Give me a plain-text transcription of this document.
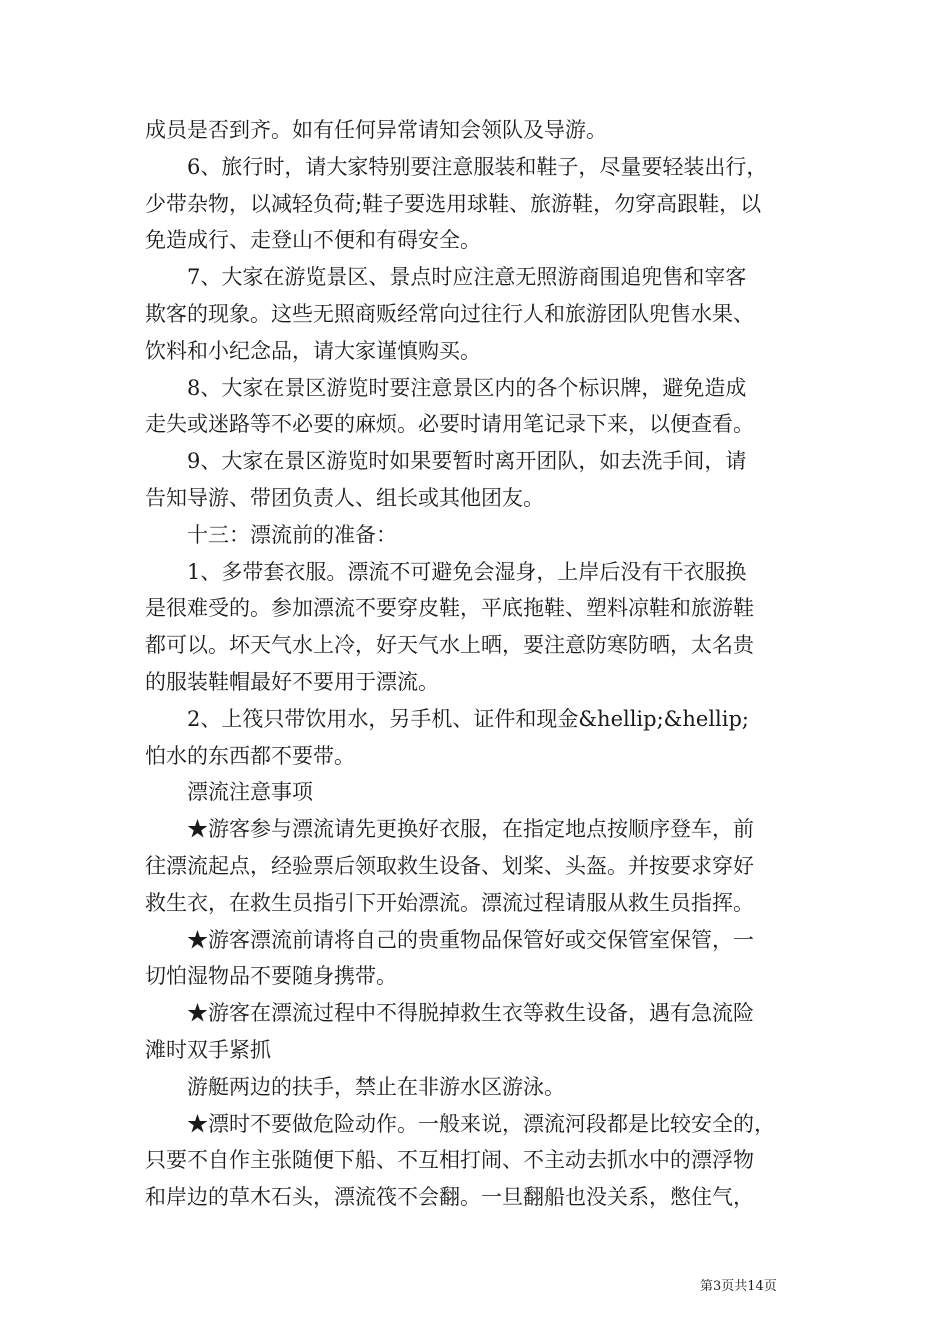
成员是否到齐。如有任何异常请知会领队及导游。
　　6、旅行时，请大家特别要注意服装和鞋子，尽量要轻装出行，
少带杂物，以减轻负荷;鞋子要选用球鞋、旅游鞋，勿穿高跟鞋，以
免造成行、走登山不便和有碍安全。
　　7、大家在游览景区、景点时应注意无照游商围追兜售和宰客
欺客的现象。这些无照商贩经常向过往行人和旅游团队兜售水果、
饮料和小纪念品，请大家谨慎购买。
　　8、大家在景区游览时要注意景区内的各个标识牌，避免造成
走失或迷路等不必要的麻烦。必要时请用笔记录下来，以便查看。
　　9、大家在景区游览时如果要暂时离开团队，如去洗手间，请
告知导游、带团负责人、组长或其他团友。
　　十三：漂流前的准备：
　　1、多带套衣服。漂流不可避免会湿身，上岸后没有干衣服换
是很难受的。参加漂流不要穿皮鞋，平底拖鞋、塑料凉鞋和旅游鞋
都可以。坏天气水上冷，好天气水上晒，要注意防寒防晒，太名贵
的服装鞋帽最好不要用于漂流。
　　2、上筏只带饮用水，另手机、证件和现金&hellip;&hellip;
怕水的东西都不要带。
　　漂流注意事项
　　★游客参与漂流请先更换好衣服，在指定地点按顺序登车，前
往漂流起点，经验票后领取救生设备、划桨、头盔。并按要求穿好
救生衣，在救生员指引下开始漂流。漂流过程请服从救生员指挥。
　　★游客漂流前请将自己的贵重物品保管好或交保管室保管，一
切怕湿物品不要随身携带。
　　★游客在漂流过程中不得脱掉救生衣等救生设备，遇有急流险
滩时双手紧抓
　　游艇两边的扶手，禁止在非游水区游泳。
　　★漂时不要做危险动作。一般来说，漂流河段都是比较安全的，
只要不自作主张随便下船、不互相打闹、不主动去抓水中的漂浮物
和岸边的草木石头，漂流筏不会翻。一旦翻船也没关系，憋住气，
第3页共14页
